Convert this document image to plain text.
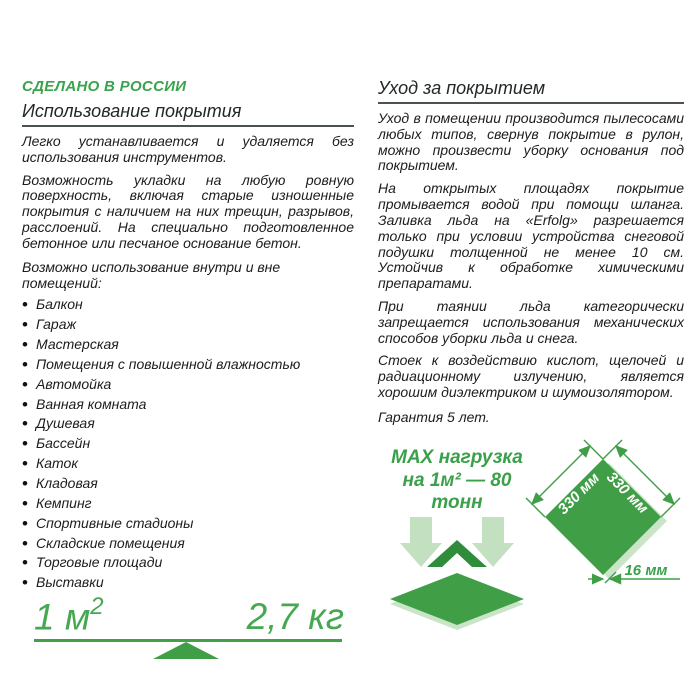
СДЕЛАНО В РОССИИ
Использование покрытия

Легко устанавливается и удаляется без использования инструментов.

Возможность укладки на любую ровную поверхность, включая старые изношенные покрытия с наличием на них трещин, разрывов, расслоений. На специально подготовленное бетонное или песчаное основание бетон.

Возможно использование внутри и вне помещений:

• Балкон
• Гараж
• Мастерская
• Помещения с повышенной влажностью
• Автомойка
• Ванная комната
• Душевая
• Бассейн
• Каток
• Кладовая
• Кемпинг
• Спортивные стадионы
• Складские помещения
• Торговые площади
• Выставки
1 $м^2$	2,7 кг
Уход за покрытием

Уход в помещении производится пылесосами любых типов, свернув покрытие в рулон, можно произвести уборку основания под покрытием.

На открытых площадях покрытие промывается водой при помощи шланга. Заливка льда на «Erfolg» разрешается только при условии устройства снеговой подушки толщенной не менее 10 см. Устойчив к обработке химическими препаратами.

При таянии льда категорически запрещается использования механических способов уборки льда и снега.

Стоек к воздействию кислот, щелочей и радиационному излучению, является хорошим диэлектриком и шумоизолятором.

Гарантия 5 лет.

MAX нагрузка
на 1м² — 80 тонн	330 мм 330 мм
16 мм
